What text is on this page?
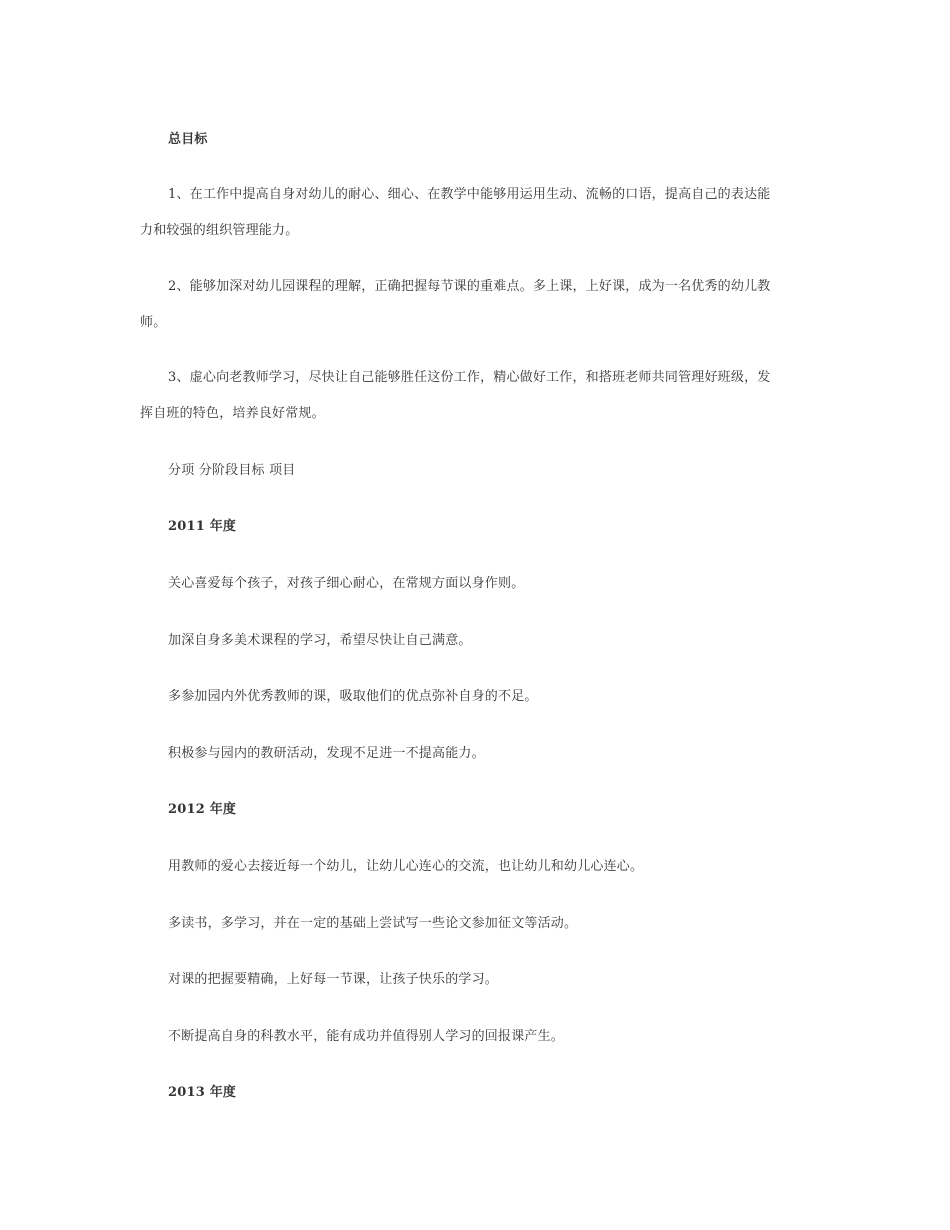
总目标
1、在工作中提高自身对幼儿的耐心、细心、在教学中能够用运用生动、流畅的口语，提高自己的表达能
力和较强的组织管理能力。
2、能够加深对幼儿园课程的理解，正确把握每节课的重难点。多上课，上好课，成为一名优秀的幼儿教
师。
3、虚心向老教师学习，尽快让自己能够胜任这份工作，精心做好工作，和搭班老师共同管理好班级，发
挥自班的特色，培养良好常规。
分项 分阶段目标 项目
2011 年度
关心喜爱每个孩子，对孩子细心耐心，在常规方面以身作则。
加深自身多美术课程的学习，希望尽快让自己满意。
多参加园内外优秀教师的课，吸取他们的优点弥补自身的不足。
积极参与园内的教研活动，发现不足进一不提高能力。
2012 年度
用教师的爱心去接近每一个幼儿，让幼儿心连心的交流，也让幼儿和幼儿心连心。
多读书，多学习，并在一定的基础上尝试写一些论文参加征文等活动。
对课的把握要精确，上好每一节课，让孩子快乐的学习。
不断提高自身的科教水平，能有成功并值得别人学习的回报课产生。
2013 年度
